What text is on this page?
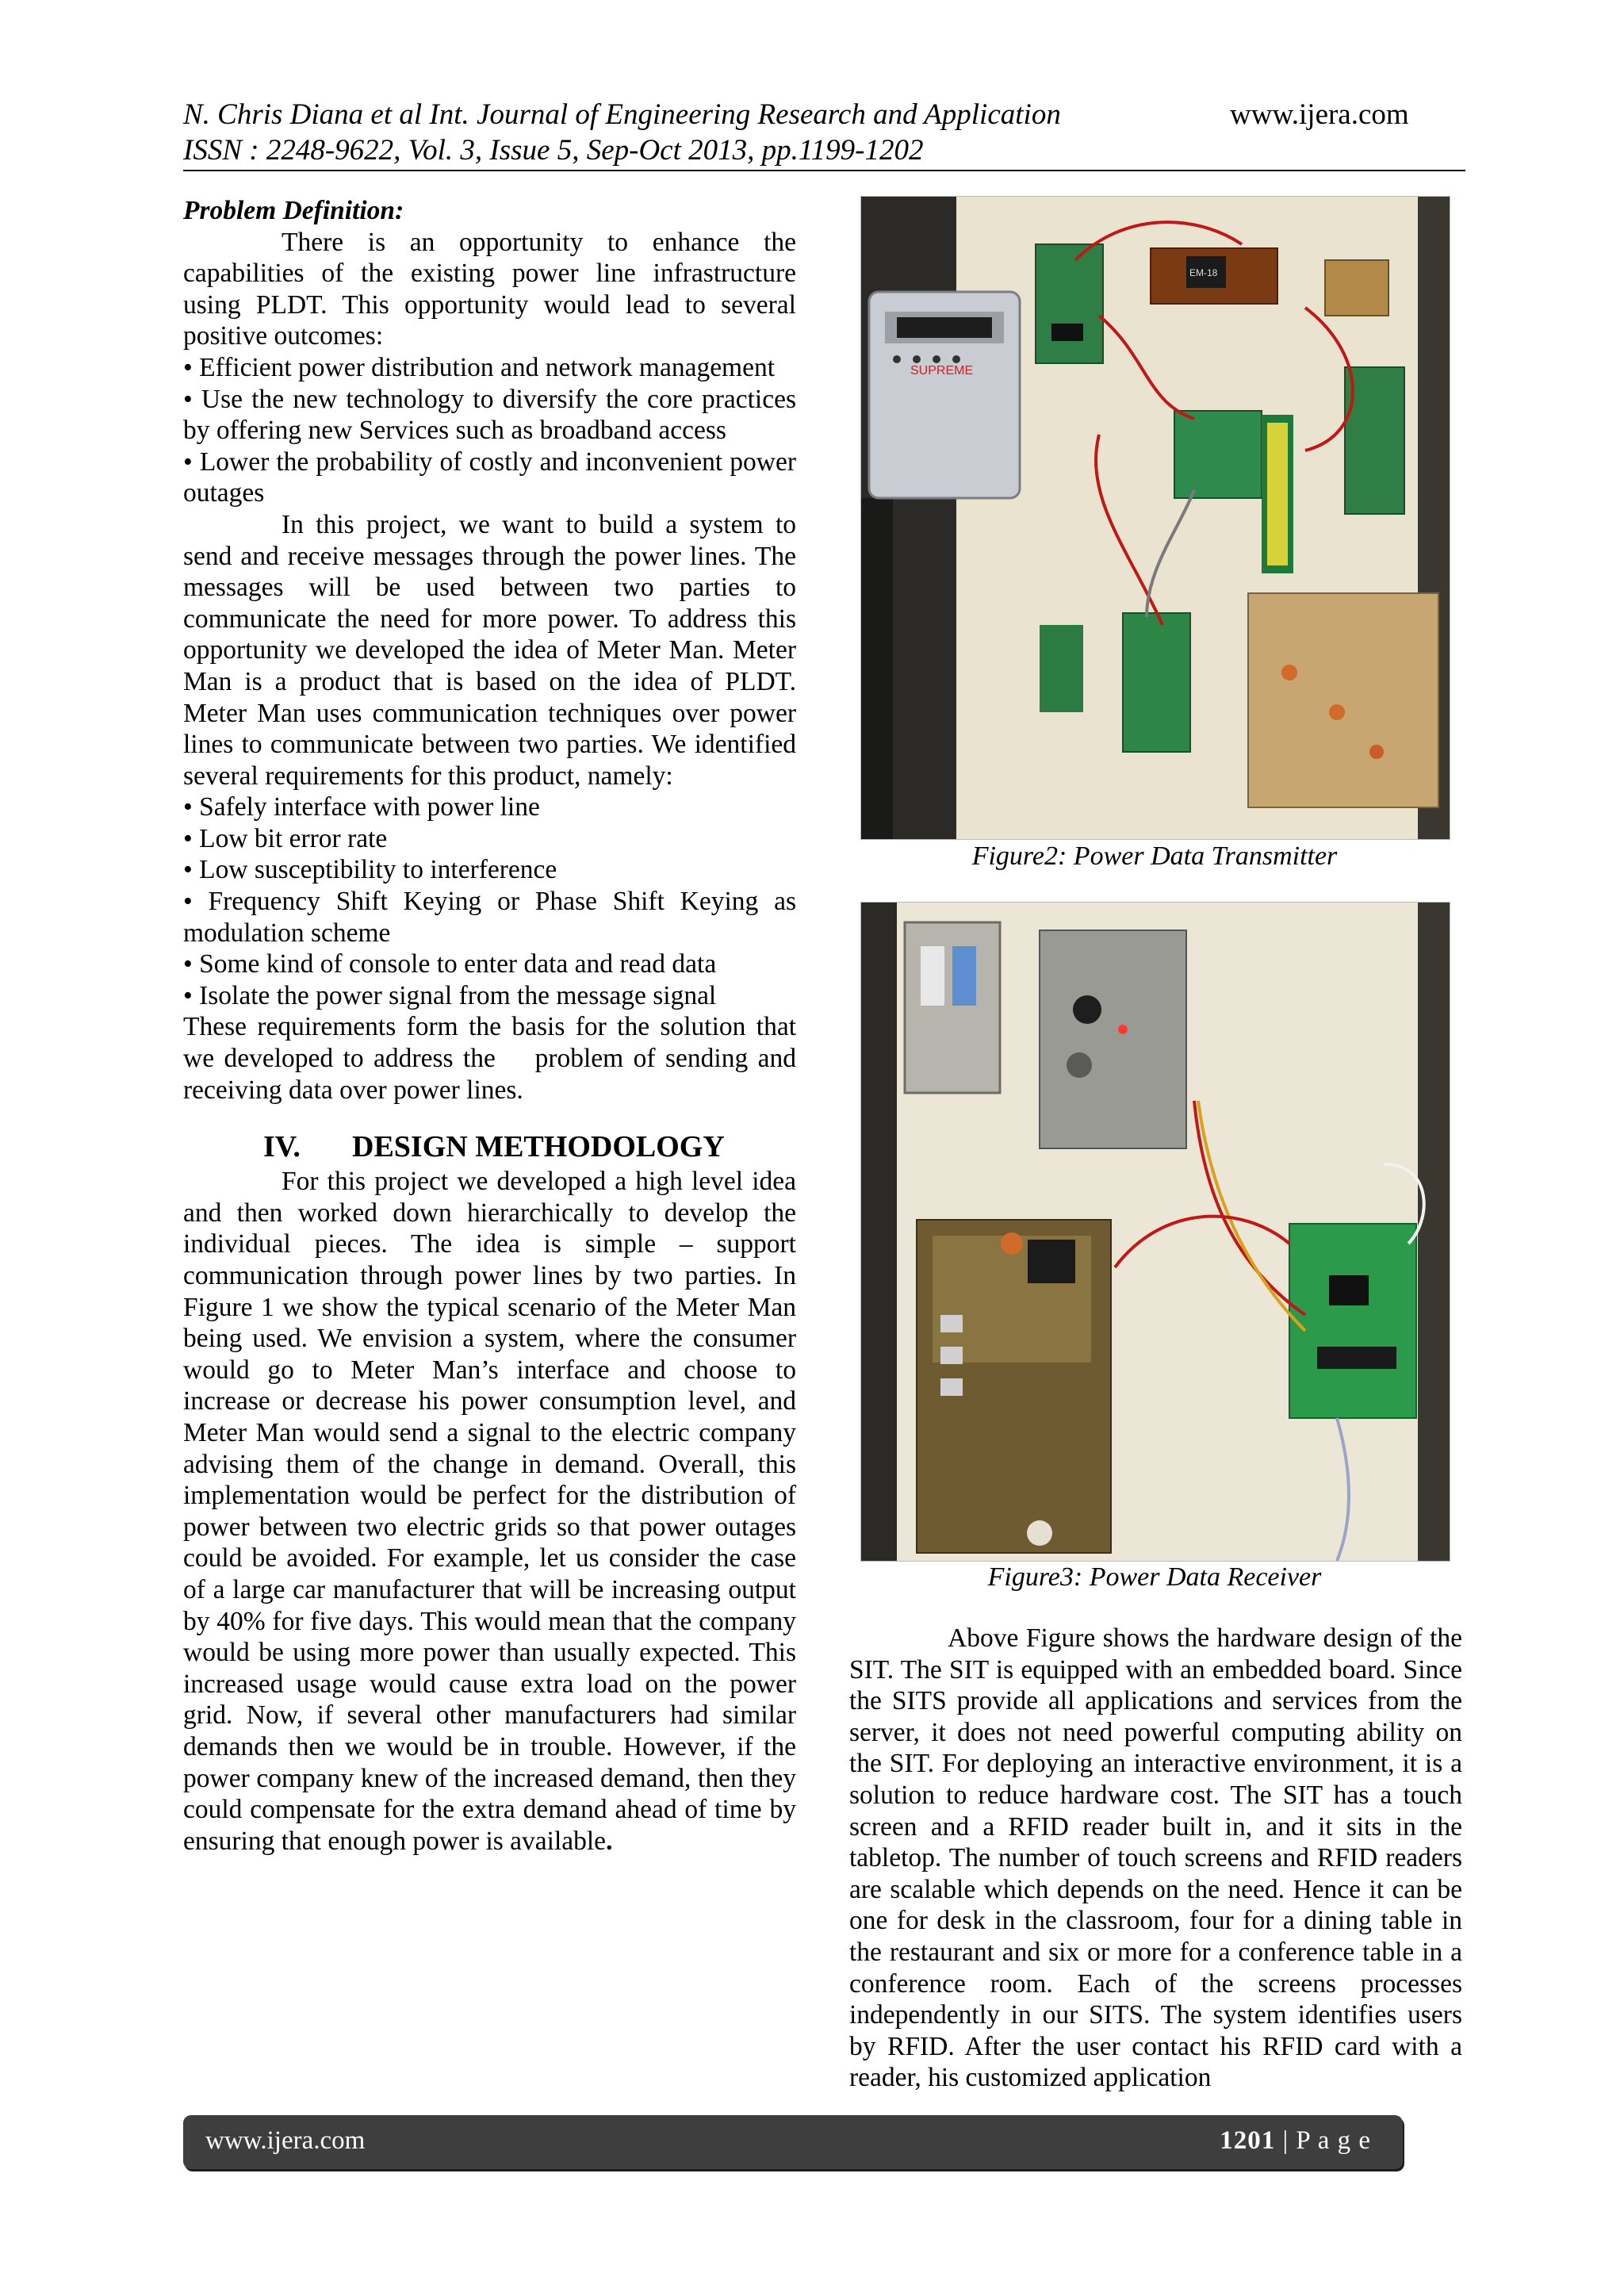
N. Chris Diana et al Int. Journal of Engineering Research and Application	www.ijera.com
ISSN : 2248-9622, Vol. 3, Issue 5, Sep-Oct 2013, pp.1199-1202

Problem Definition:

There is an opportunity to enhance the capabilities of the existing power line infrastructure using PLDT. This opportunity would lead to several positive outcomes:

• Efficient power distribution and network management

• Use the new technology to diversify the core practices by offering new Services such as broadband access

• Lower the probability of costly and inconvenient power outages

In this project, we want to build a system to send and receive messages through the power lines. The messages will be used between two parties to communicate the need for more power. To address this opportunity we developed the idea of Meter Man. Meter Man is a product that is based on the idea of PLDT. Meter Man uses communication techniques over power lines to communicate between two parties. We identified several requirements for this product, namely:

• Safely interface with power line

• Low bit error rate

• Low susceptibility to interference

• Frequency Shift Keying or Phase Shift Keying as modulation scheme

• Some kind of console to enter data and read data

• Isolate the power signal from the message signal

These requirements form the basis for the solution that we developed to address the    problem of sending and receiving data over power lines.

IV. DESIGN METHODOLOGY

For this project we developed a high level idea and then worked down hierarchically to develop the individual pieces. The idea is simple – support communication through power lines by two parties. In Figure 1 we show the typical scenario of the Meter Man being used. We envision a system, where the consumer would go to Meter Man’s interface and choose to increase or decrease his power consumption level, and Meter Man would send a signal to the electric company advising them of the change in demand. Overall, this implementation would be perfect for the distribution of power between two electric grids so that power outages could be avoided. For example, let us consider the case of a large car manufacturer that will be increasing output by 40% for five days. This would mean that the company would be using more power than usually expected. This increased usage would cause extra load on the power grid. Now, if several other manufacturers had similar demands then we would be in trouble. However, if the power company knew of the increased demand, then they could compensate for the extra demand ahead of time by ensuring that enough power is available.

SUPREME
EM-18
Figure2: Power Data Transmitter
Figure3: Power Data Receiver

Above Figure shows the hardware design of the SIT. The SIT is equipped with an embedded board. Since the SITS provide all applications and services from the server, it does not need powerful computing ability on the SIT. For deploying an interactive environment, it is a solution to reduce hardware cost. The SIT has a touch screen and a RFID reader built in, and it sits in the tabletop. The number of touch screens and RFID readers are scalable which depends on the need. Hence it can be one for desk in the classroom, four for a dining table in the restaurant and six or more for a conference table in a conference room. Each of the screens processes independently in our SITS. The system identifies users by RFID. After the user contact his RFID card with a reader, his customized application

www.ijera.com	1201 | P a g e
